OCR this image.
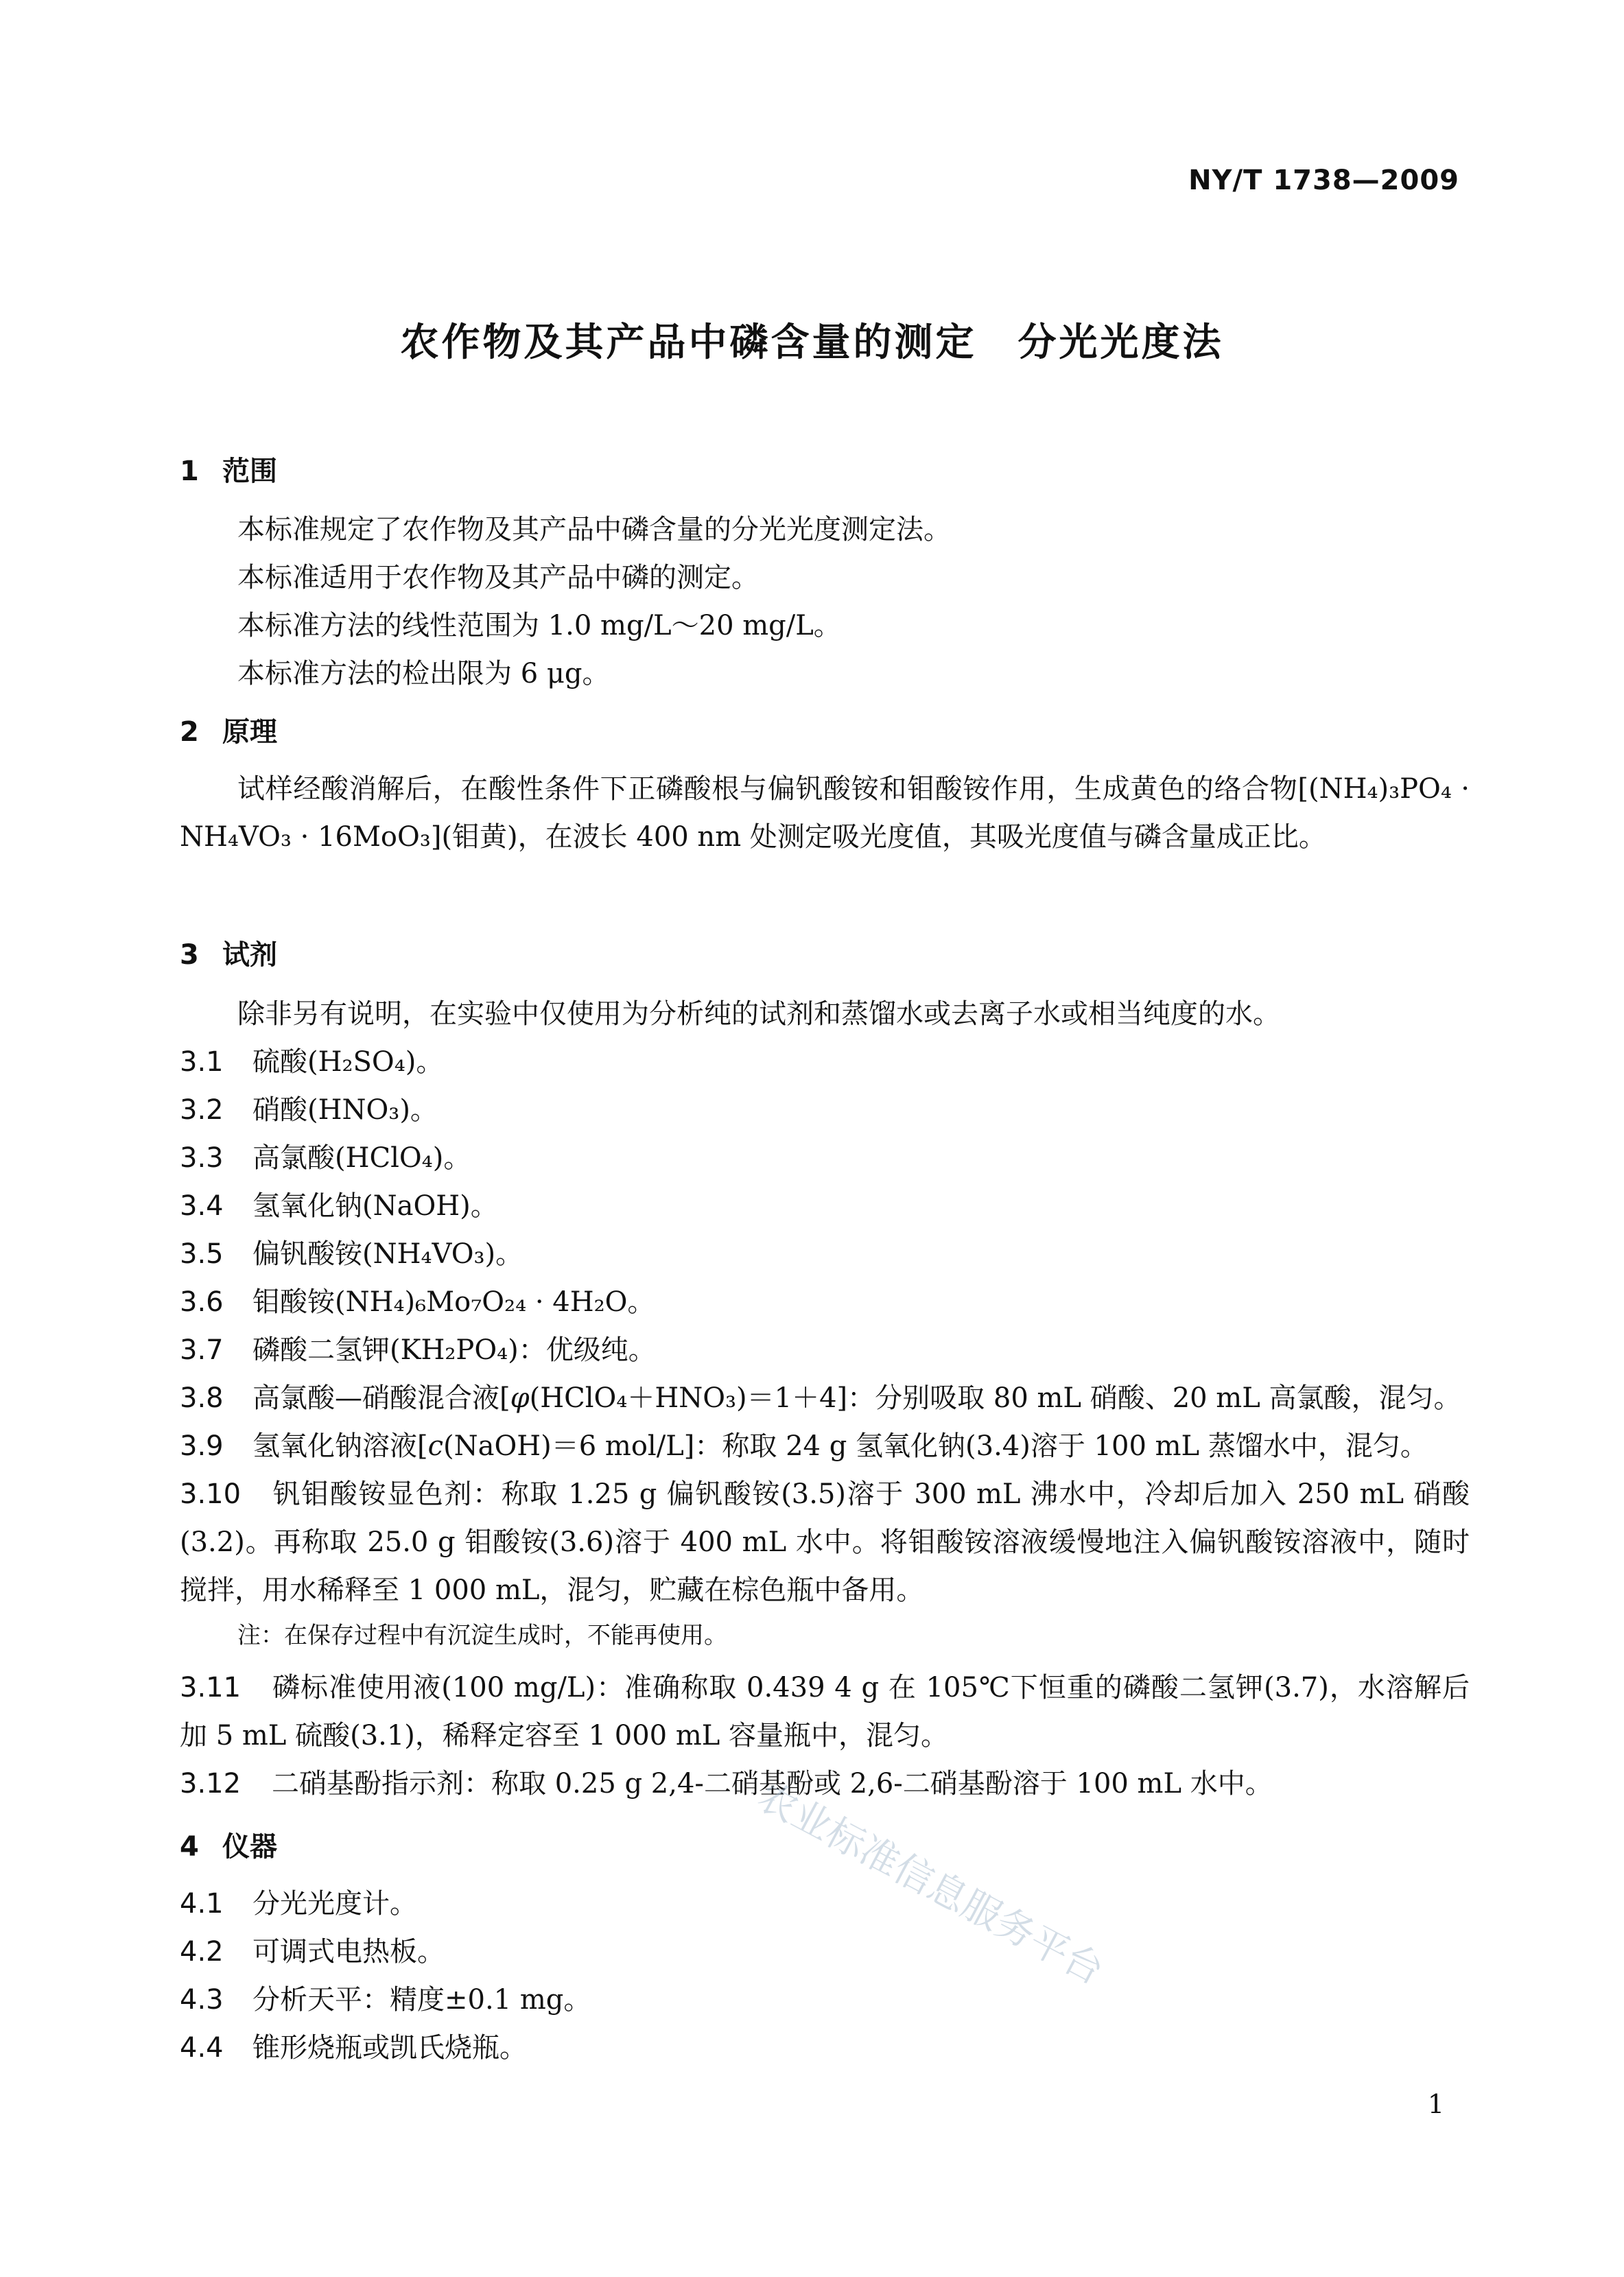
NY/T 1738—2009
农作物及其产品中磷含量的测定 分光光度法
1 范围
本标准规定了农作物及其产品中磷含量的分光光度测定法。
本标准适用于农作物及其产品中磷的测定。
本标准方法的线性范围为 1.0 mg/L～20 mg/L。
本标准方法的检出限为 6 μg。
2 原理
试样经酸消解后，在酸性条件下正磷酸根与偏钒酸铵和钼酸铵作用，生成黄色的络合物[(NH₄)₃PO₄ · NH₄VO₃ · 16MoO₃](钼黄)，在波长 400 nm 处测定吸光度值，其吸光度值与磷含量成正比。
3 试剂
除非另有说明，在实验中仅使用为分析纯的试剂和蒸馏水或去离子水或相当纯度的水。
3.1 硫酸(H₂SO₄)。
3.2 硝酸(HNO₃)。
3.3 高氯酸(HClO₄)。
3.4 氢氧化钠(NaOH)。
3.5 偏钒酸铵(NH₄VO₃)。
3.6 钼酸铵(NH₄)₆Mo₇O₂₄ · 4H₂O。
3.7 磷酸二氢钾(KH₂PO₄)：优级纯。
3.8 高氯酸—硝酸混合液[φ(HClO₄＋HNO₃)＝1＋4]：分别吸取 80 mL 硝酸、20 mL 高氯酸，混匀。
3.9 氢氧化钠溶液[c(NaOH)＝6 mol/L]：称取 24 g 氢氧化钠(3.4)溶于 100 mL 蒸馏水中，混匀。
3.10 钒钼酸铵显色剂：称取 1.25 g 偏钒酸铵(3.5)溶于 300 mL 沸水中，冷却后加入 250 mL 硝酸(3.2)。再称取 25.0 g 钼酸铵(3.6)溶于 400 mL 水中。将钼酸铵溶液缓慢地注入偏钒酸铵溶液中，随时搅拌，用水稀释至 1 000 mL，混匀，贮藏在棕色瓶中备用。
注：在保存过程中有沉淀生成时，不能再使用。
3.11 磷标准使用液(100 mg/L)：准确称取 0.439 4 g 在 105℃下恒重的磷酸二氢钾(3.7)，水溶解后加 5 mL 硫酸(3.1)，稀释定容至 1 000 mL 容量瓶中，混匀。
3.12 二硝基酚指示剂：称取 0.25 g 2,4-二硝基酚或 2,6-二硝基酚溶于 100 mL 水中。
4 仪器
4.1 分光光度计。
4.2 可调式电热板。
4.3 分析天平：精度±0.1 mg。
4.4 锥形烧瓶或凯氏烧瓶。
农业标准信息服务平台
1
